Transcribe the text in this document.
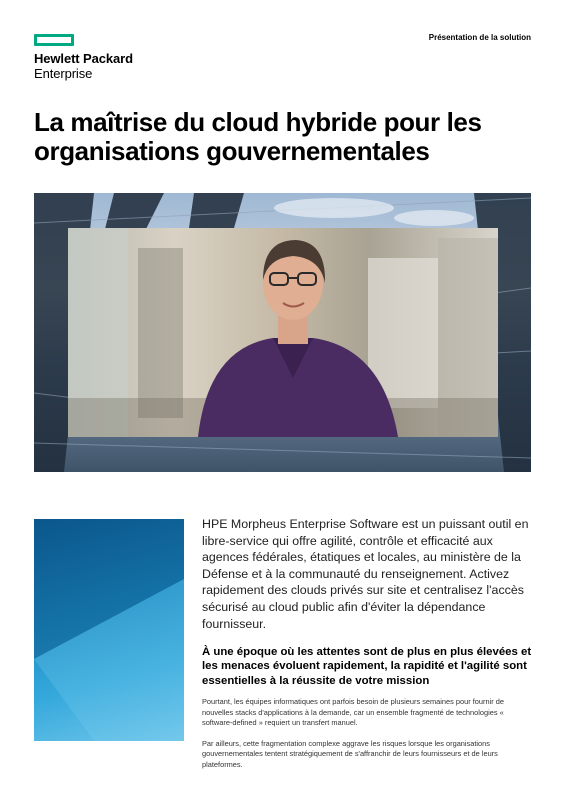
Hewlett Packard
Enterprise
Présentation de la solution
La maîtrise du cloud hybride pour les
organisations gouvernementales

HPE Morpheus Enterprise Software est un puissant outil en libre-service qui offre agilité, contrôle et efficacité aux agences fédérales, étatiques et locales, au ministère de la Défense et à la communauté du renseignement. Activez rapidement des clouds privés sur site et centralisez l'accès sécurisé au cloud public afin d'éviter la dépendance fournisseur.

À une époque où les attentes sont de plus en plus élevées et les menaces évoluent rapidement, la rapidité et l'agilité sont essentielles à la réussite de votre mission

Pourtant, les équipes informatiques ont parfois besoin de plusieurs semaines pour fournir de nouvelles stacks d'applications à la demande, car un ensemble fragmenté de technologies « software-defined » requiert un transfert manuel.

Par ailleurs, cette fragmentation complexe aggrave les risques lorsque les organisations gouvernementales tentent stratégiquement de s'affranchir de leurs fournisseurs et de leurs plateformes.
